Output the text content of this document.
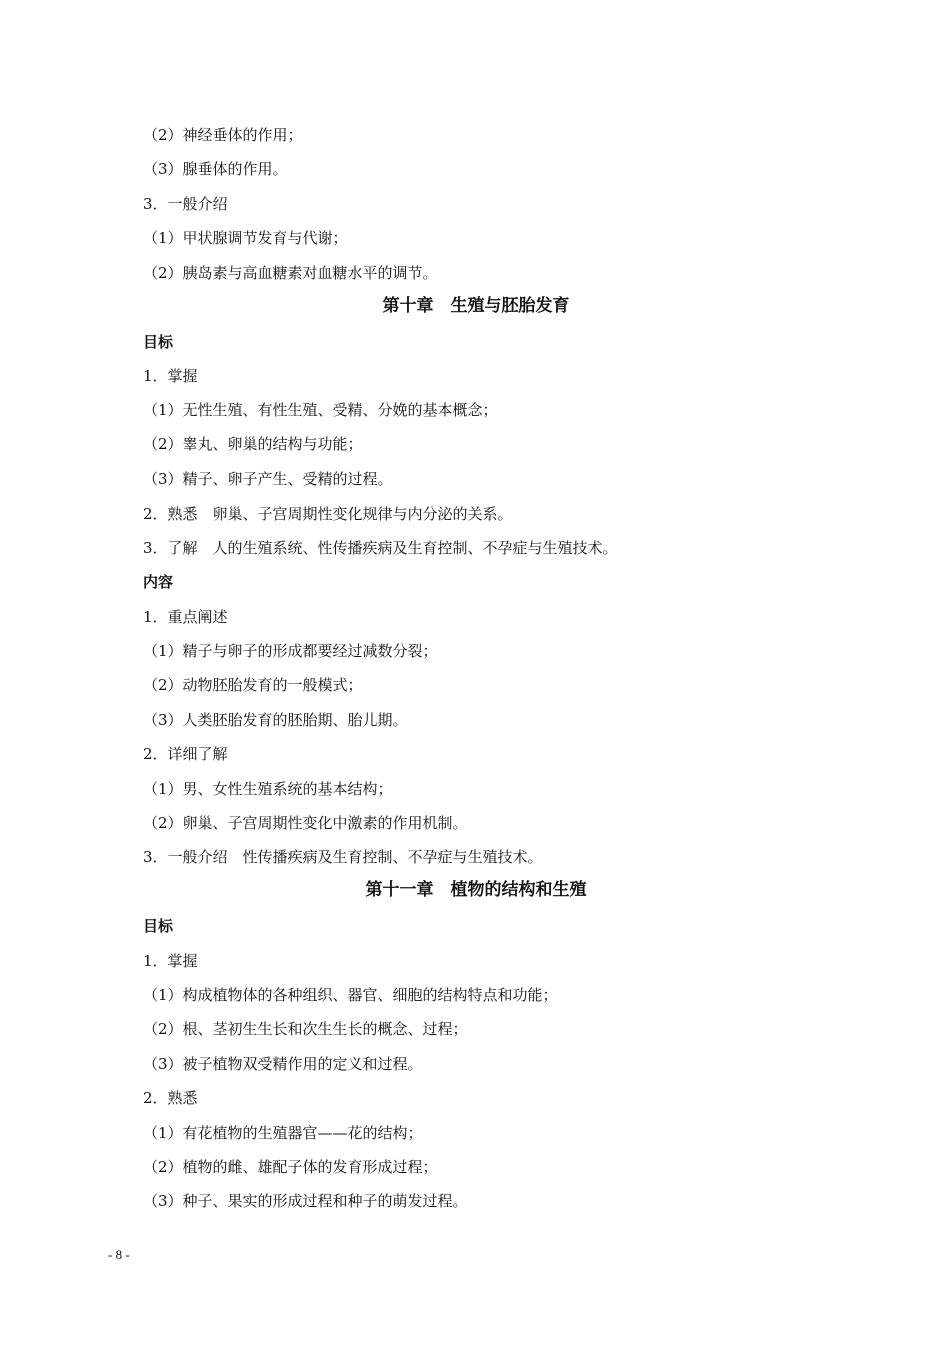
（2）神经垂体的作用；
（3）腺垂体的作用。
3．一般介绍
（1）甲状腺调节发育与代谢；
（2）胰岛素与高血糖素对血糖水平的调节。
第十章　生殖与胚胎发育
目标
1．掌握
（1）无性生殖、有性生殖、受精、分娩的基本概念；
（2）睾丸、卵巢的结构与功能；
（3）精子、卵子产生、受精的过程。
2．熟悉　卵巢、子宫周期性变化规律与内分泌的关系。
3．了解　人的生殖系统、性传播疾病及生育控制、不孕症与生殖技术。
内容
1．重点阐述
（1）精子与卵子的形成都要经过减数分裂；
（2）动物胚胎发育的一般模式；
（3）人类胚胎发育的胚胎期、胎儿期。
2．详细了解
（1）男、女性生殖系统的基本结构；
（2）卵巢、子宫周期性变化中激素的作用机制。
3．一般介绍　性传播疾病及生育控制、不孕症与生殖技术。
第十一章　植物的结构和生殖
目标
1．掌握
（1）构成植物体的各种组织、器官、细胞的结构特点和功能；
（2）根、茎初生生长和次生生长的概念、过程；
（3）被子植物双受精作用的定义和过程。
2．熟悉
（1）有花植物的生殖器官——花的结构；
（2）植物的雌、雄配子体的发育形成过程；
（3）种子、果实的形成过程和种子的萌发过程。
- 8 -
